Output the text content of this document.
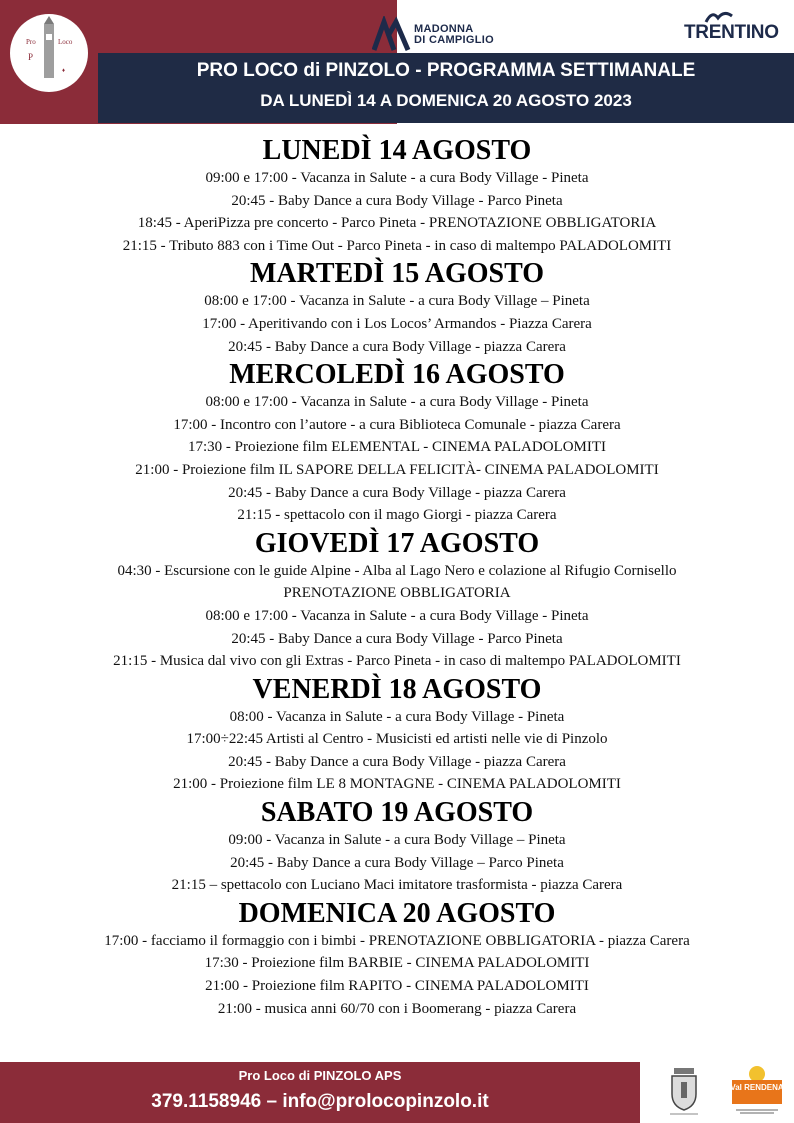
Pro	Loco
P
♦
MADONNA
DI CAMPIGLIO	TRENTINO
PRO LOCO di PINZOLO - PROGRAMMA SETTIMANALE
DA LUNEDÌ 14 A DOMENICA 20 AGOSTO 2023
LUNEDÌ 14 AGOSTO
09:00 e 17:00 - Vacanza in Salute - a cura Body Village - Pineta
20:45 - Baby Dance a cura Body Village - Parco Pineta
18:45 - AperiPizza pre concerto - Parco Pineta - PRENOTAZIONE OBBLIGATORIA
21:15 - Tributo 883 con i Time Out - Parco Pineta - in caso di maltempo PALADOLOMITI
MARTEDÌ 15 AGOSTO
08:00 e 17:00 - Vacanza in Salute - a cura Body Village – Pineta
17:00 - Aperitivando con i Los Locos’ Armandos - Piazza Carera
20:45 - Baby Dance a cura Body Village - piazza Carera
MERCOLEDÌ 16 AGOSTO
08:00 e 17:00 - Vacanza in Salute - a cura Body Village - Pineta
17:00 - Incontro con l’autore - a cura Biblioteca Comunale - piazza Carera
17:30 - Proiezione film ELEMENTAL - CINEMA PALADOLOMITI
21:00 - Proiezione film IL SAPORE DELLA FELICITÀ- CINEMA PALADOLOMITI
20:45 - Baby Dance a cura Body Village - piazza Carera
21:15 - spettacolo con il mago Giorgi - piazza Carera
GIOVEDÌ 17 AGOSTO
04:30 - Escursione con le guide Alpine - Alba al Lago Nero e colazione al Rifugio Cornisello
PRENOTAZIONE OBBLIGATORIA
08:00 e 17:00 - Vacanza in Salute - a cura Body Village - Pineta
20:45 - Baby Dance a cura Body Village - Parco Pineta
21:15 - Musica dal vivo con gli Extras - Parco Pineta - in caso di maltempo PALADOLOMITI
VENERDÌ 18 AGOSTO
08:00 - Vacanza in Salute - a cura Body Village - Pineta
17:00÷22:45 Artisti al Centro - Musicisti ed artisti nelle vie di Pinzolo
20:45 - Baby Dance a cura Body Village - piazza Carera
21:00 - Proiezione film LE 8 MONTAGNE - CINEMA PALADOLOMITI
SABATO 19 AGOSTO
09:00 - Vacanza in Salute - a cura Body Village – Pineta
20:45 - Baby Dance a cura Body Village – Parco Pineta
21:15 – spettacolo con Luciano Maci imitatore trasformista - piazza Carera
DOMENICA 20 AGOSTO
17:00 - facciamo il formaggio con i bimbi - PRENOTAZIONE OBBLIGATORIA - piazza Carera
17:30 - Proiezione film BARBIE - CINEMA PALADOLOMITI
21:00 - Proiezione film RAPITO - CINEMA PALADOLOMITI
21:00 - musica anni 60/70 con i Boomerang - piazza Carera
Pro Loco di PINZOLO APS
379.1158946 – info@prolocopinzolo.it
Val RENDENA
